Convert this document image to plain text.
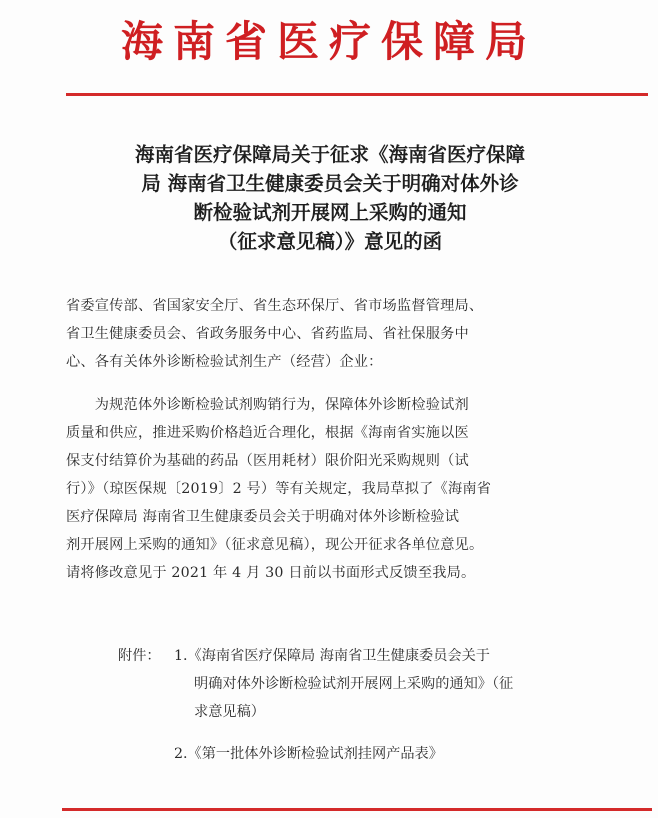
海南省医疗保障局
海南省医疗保障局关于征求《海南省医疗保障
局 海南省卫生健康委员会关于明确对体外诊
断检验试剂开展网上采购的通知
（征求意见稿）》意见的函
省委宣传部、省国家安全厅、省生态环保厅、省市场监督管理局、
省卫生健康委员会、省政务服务中心、省药监局、省社保服务中
心、各有关体外诊断检验试剂生产（经营）企业：
　　为规范体外诊断检验试剂购销行为，保障体外诊断检验试剂
质量和供应，推进采购价格趋近合理化，根据《海南省实施以医
保支付结算价为基础的药品（医用耗材）限价阳光采购规则（试
行）》（琼医保规〔2019〕2 号）等有关规定，我局草拟了《海南省
医疗保障局 海南省卫生健康委员会关于明确对体外诊断检验试
剂开展网上采购的通知》（征求意见稿），现公开征求各单位意见。
请将修改意见于 2021 年 4 月 30 日前以书面形式反馈至我局。
附件： 1.《海南省医疗保障局 海南省卫生健康委员会关于
明确对体外诊断检验试剂开展网上采购的通知》（征
求意见稿）
2.《第一批体外诊断检验试剂挂网产品表》
